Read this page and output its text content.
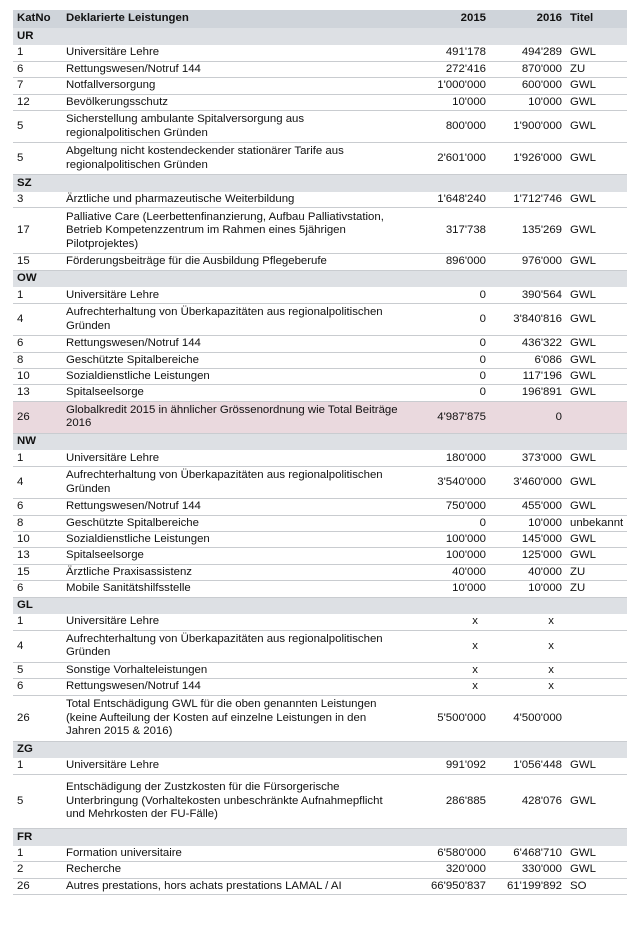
KatNo	Deklarierte Leistungen	2015	2016	Titel
UR				
1	Universitäre Lehre	491'178	494'289	GWL
6	Rettungswesen/Notruf 144	272'416	870'000	ZU
7	Notfallversorgung	1'000'000	600'000	GWL
12	Bevölkerungsschutz	10'000	10'000	GWL
5	Sicherstellung ambulante Spitalversorgung aus regionalpolitischen Gründen	800'000	1'900'000	GWL
5	Abgeltung nicht kostendeckender stationärer Tarife aus regionalpolitischen Gründen	2'601'000	1'926'000	GWL
SZ				
3	Ärztliche und pharmazeutische Weiterbildung	1'648'240	1'712'746	GWL
17	Palliative Care (Leerbettenfinanzierung, Aufbau Palliativstation, Betrieb Kompetenzzentrum im Rahmen eines 5jährigen Pilotprojektes)	317'738	135'269	GWL
15	Förderungsbeiträge für die Ausbildung Pflegeberufe	896'000	976'000	GWL
OW				
1	Universitäre Lehre	0	390'564	GWL
4	Aufrechterhaltung von Überkapazitäten aus regionalpolitischen Gründen	0	3'840'816	GWL
6	Rettungswesen/Notruf 144	0	436'322	GWL
8	Geschützte Spitalbereiche	0	6'086	GWL
10	Sozialdienstliche Leistungen	0	117'196	GWL
13	Spitalseelsorge	0	196'891	GWL
26	Globalkredit 2015 in ähnlicher Grössenordnung wie Total Beiträge 2016	4'987'875	0	
NW				
1	Universitäre Lehre	180'000	373'000	GWL
4	Aufrechterhaltung von Überkapazitäten aus regionalpolitischen Gründen	3'540'000	3'460'000	GWL
6	Rettungswesen/Notruf 144	750'000	455'000	GWL
8	Geschützte Spitalbereiche	0	10'000	unbekannt
10	Sozialdienstliche Leistungen	100'000	145'000	GWL
13	Spitalseelsorge	100'000	125'000	GWL
15	Ärztliche Praxisassistenz	40'000	40'000	ZU
6	Mobile Sanitätshilfsstelle	10'000	10'000	ZU
GL				
1	Universitäre Lehre	x	x	
4	Aufrechterhaltung von Überkapazitäten aus regionalpolitischen Gründen	x	x	
5	Sonstige Vorhalteleistungen	x	x	
6	Rettungswesen/Notruf 144	x	x	
26	Total Entschädigung GWL für die oben genannten Leistungen (keine Aufteilung der Kosten auf einzelne Leistungen in den Jahren 2015 & 2016)	5'500'000	4'500'000	
ZG				
1	Universitäre Lehre	991'092	1'056'448	GWL
5	Entschädigung der Zustzkosten für die Fürsorgerische Unterbringung (Vorhaltekosten unbeschränkte Aufnahmepflicht und Mehrkosten der FU-Fälle)	286'885	428'076	GWL
FR				
1	Formation universitaire	6'580'000	6'468'710	GWL
2	Recherche	320'000	330'000	GWL
26	Autres prestations, hors achats prestations LAMAL / AI	66'950'837	61'199'892	SO
